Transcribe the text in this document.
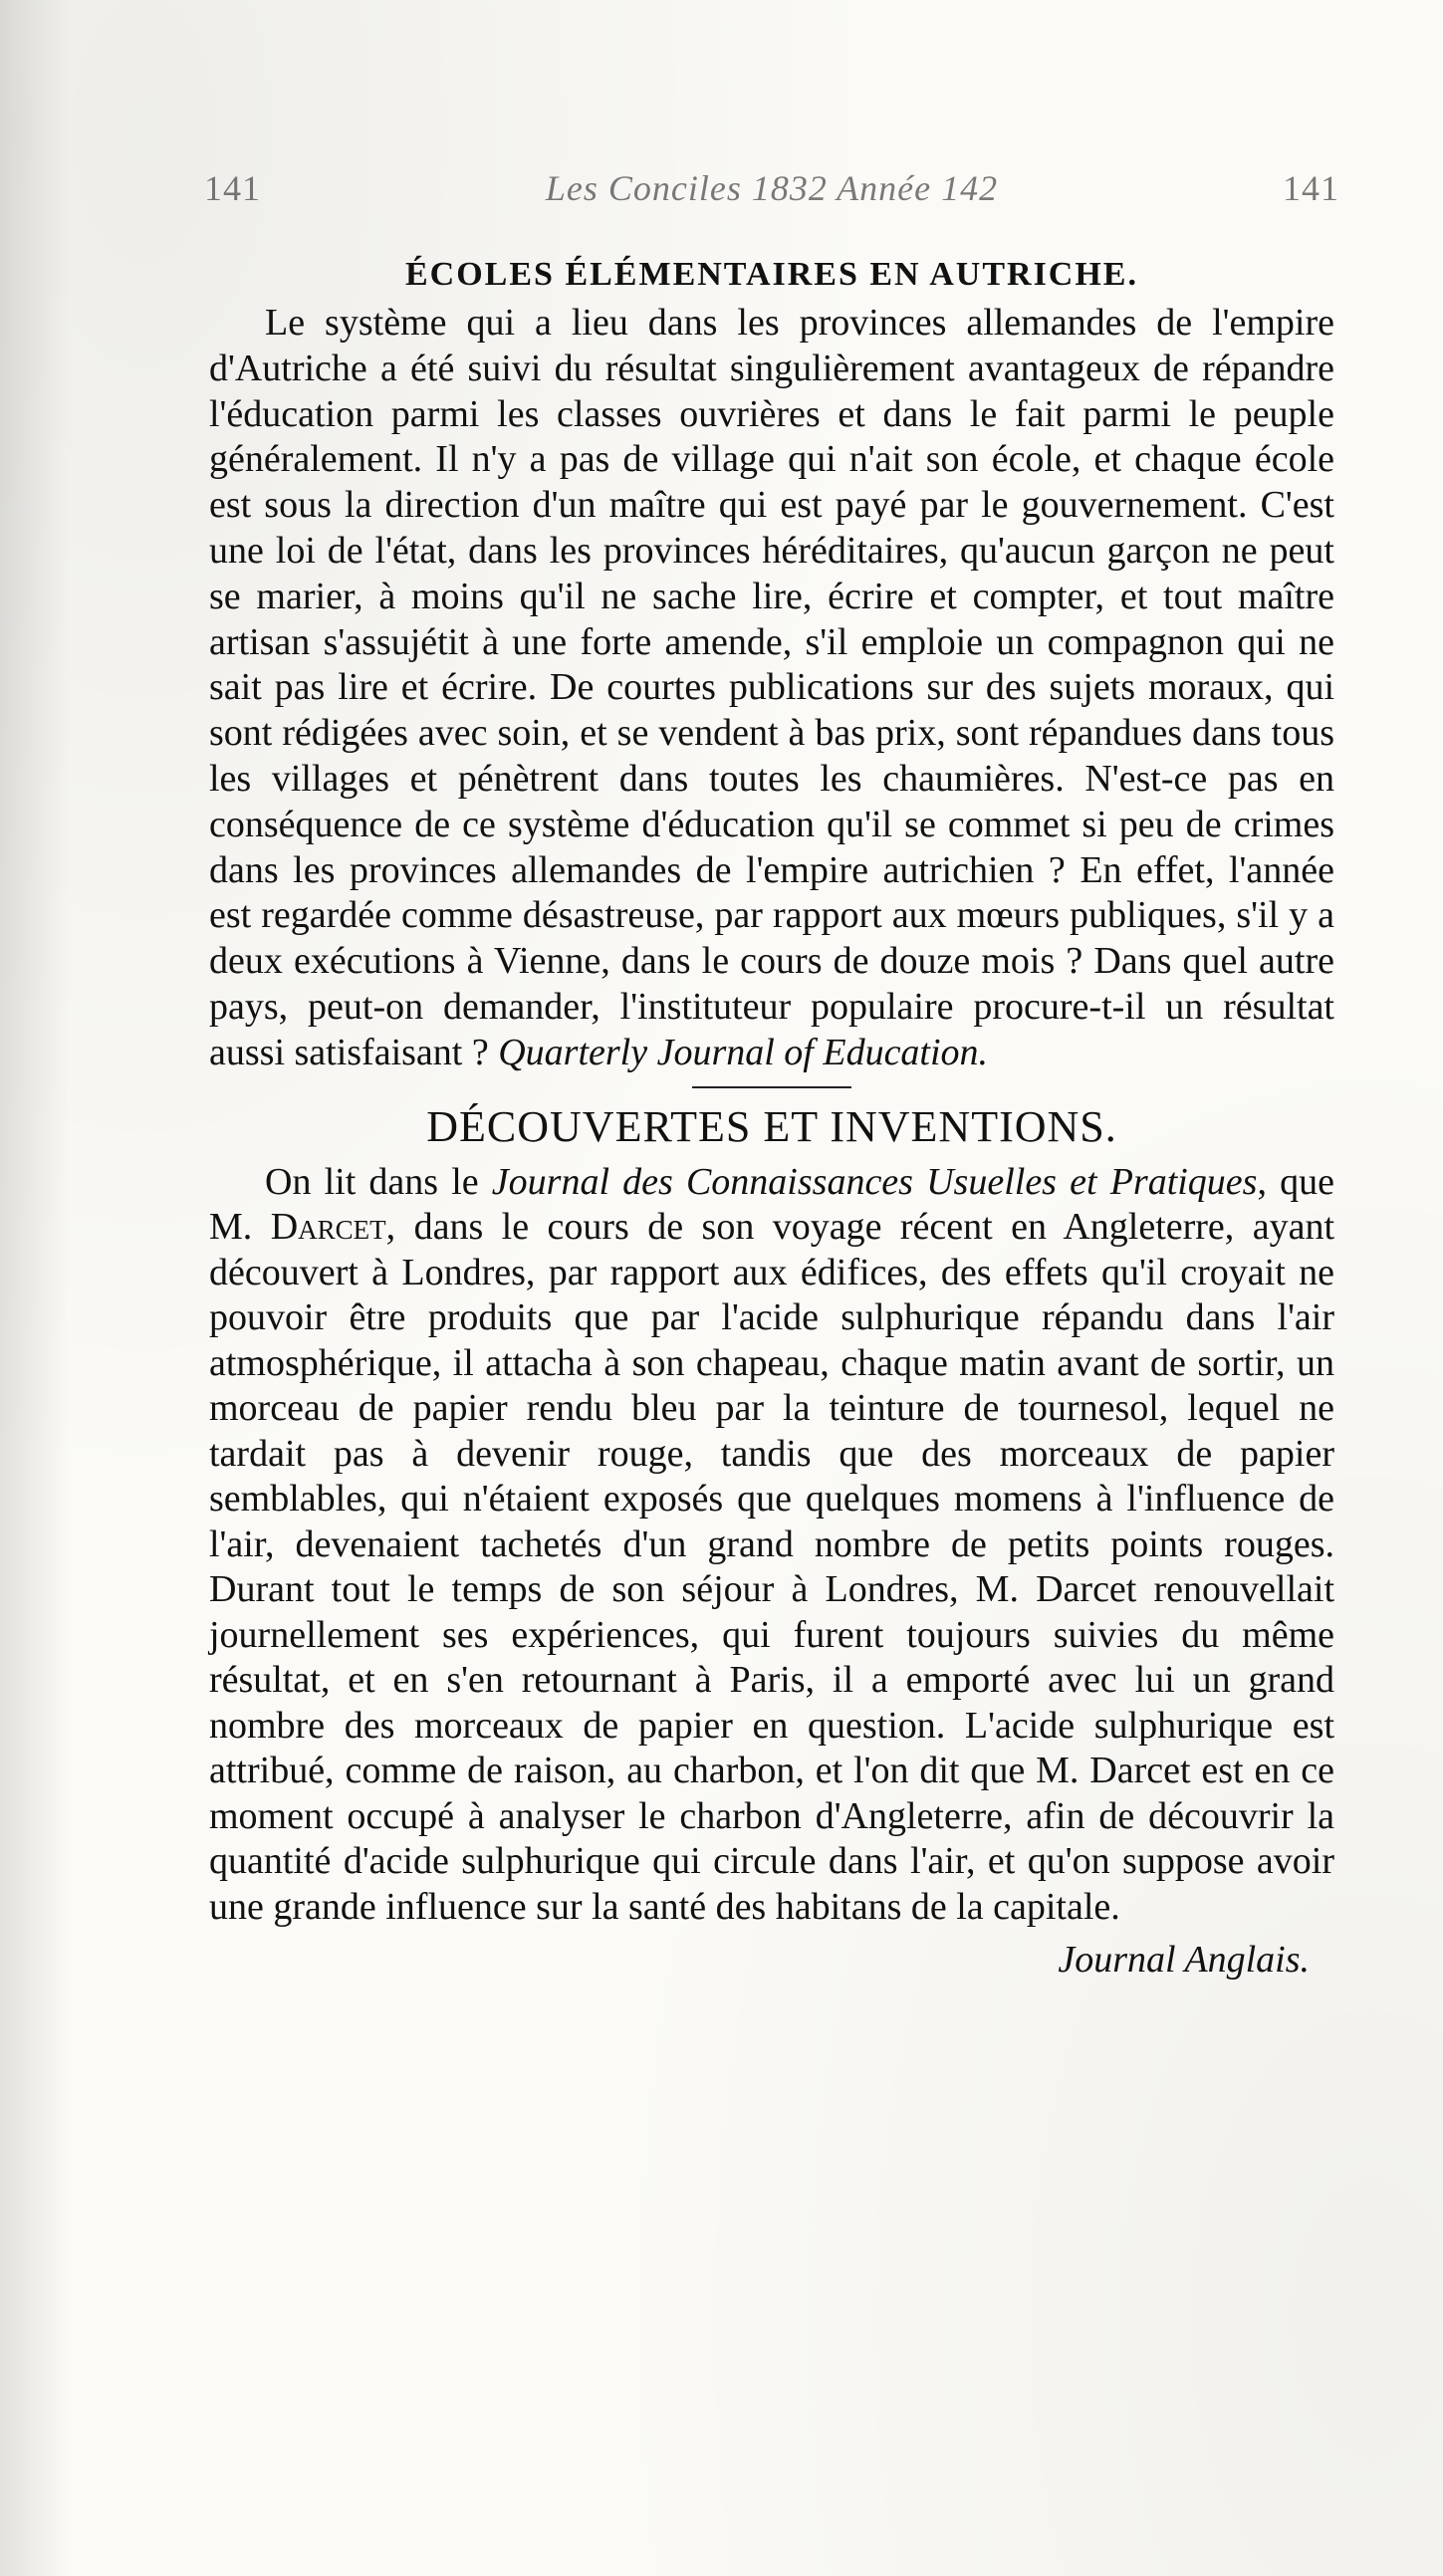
141	Les Conciles 1832 Année 142	141
ÉCOLES ÉLÉMENTAIRES EN AUTRICHE.

Le système qui a lieu dans les provinces allemandes de l'empire d'Autriche a été suivi du résultat singulièrement avantageux de répandre l'éducation parmi les classes ouvrières et dans le fait parmi le peuple généralement. Il n'y a pas de village qui n'ait son école, et chaque école est sous la direction d'un maître qui est payé par le gouvernement. C'est une loi de l'état, dans les provinces héréditaires, qu'aucun garçon ne peut se marier, à moins qu'il ne sache lire, écrire et compter, et tout maître artisan s'assujétit à une forte amende, s'il emploie un compagnon qui ne sait pas lire et écrire. De courtes publications sur des sujets moraux, qui sont rédigées avec soin, et se vendent à bas prix, sont répandues dans tous les villages et pénètrent dans toutes les chaumières. N'est-ce pas en conséquence de ce système d'éducation qu'il se commet si peu de crimes dans les provinces allemandes de l'empire autrichien ? En effet, l'année est regardée comme désastreuse, par rapport aux mœurs publiques, s'il y a deux exécutions à Vienne, dans le cours de douze mois ? Dans quel autre pays, peut-on demander, l'instituteur populaire procure-t-il un résultat aussi satisfaisant ? Quarterly Journal of Education.

DÉCOUVERTES ET INVENTIONS.

On lit dans le Journal des Connaissances Usuelles et Pratiques, que M. Darcet, dans le cours de son voyage récent en Angleterre, ayant découvert à Londres, par rapport aux édifices, des effets qu'il croyait ne pouvoir être produits que par l'acide sulphurique répandu dans l'air atmosphérique, il attacha à son chapeau, chaque matin avant de sortir, un morceau de papier rendu bleu par la teinture de tournesol, lequel ne tardait pas à devenir rouge, tandis que des morceaux de papier semblables, qui n'étaient exposés que quelques momens à l'influence de l'air, devenaient tachetés d'un grand nombre de petits points rouges. Durant tout le temps de son séjour à Londres, M. Darcet renouvellait journellement ses expériences, qui furent toujours suivies du même résultat, et en s'en retournant à Paris, il a emporté avec lui un grand nombre des morceaux de papier en question. L'acide sulphurique est attribué, comme de raison, au charbon, et l'on dit que M. Darcet est en ce moment occupé à analyser le charbon d'Angleterre, afin de découvrir la quantité d'acide sulphurique qui circule dans l'air, et qu'on suppose avoir une grande influence sur la santé des habitans de la capitale.

Journal Anglais.
